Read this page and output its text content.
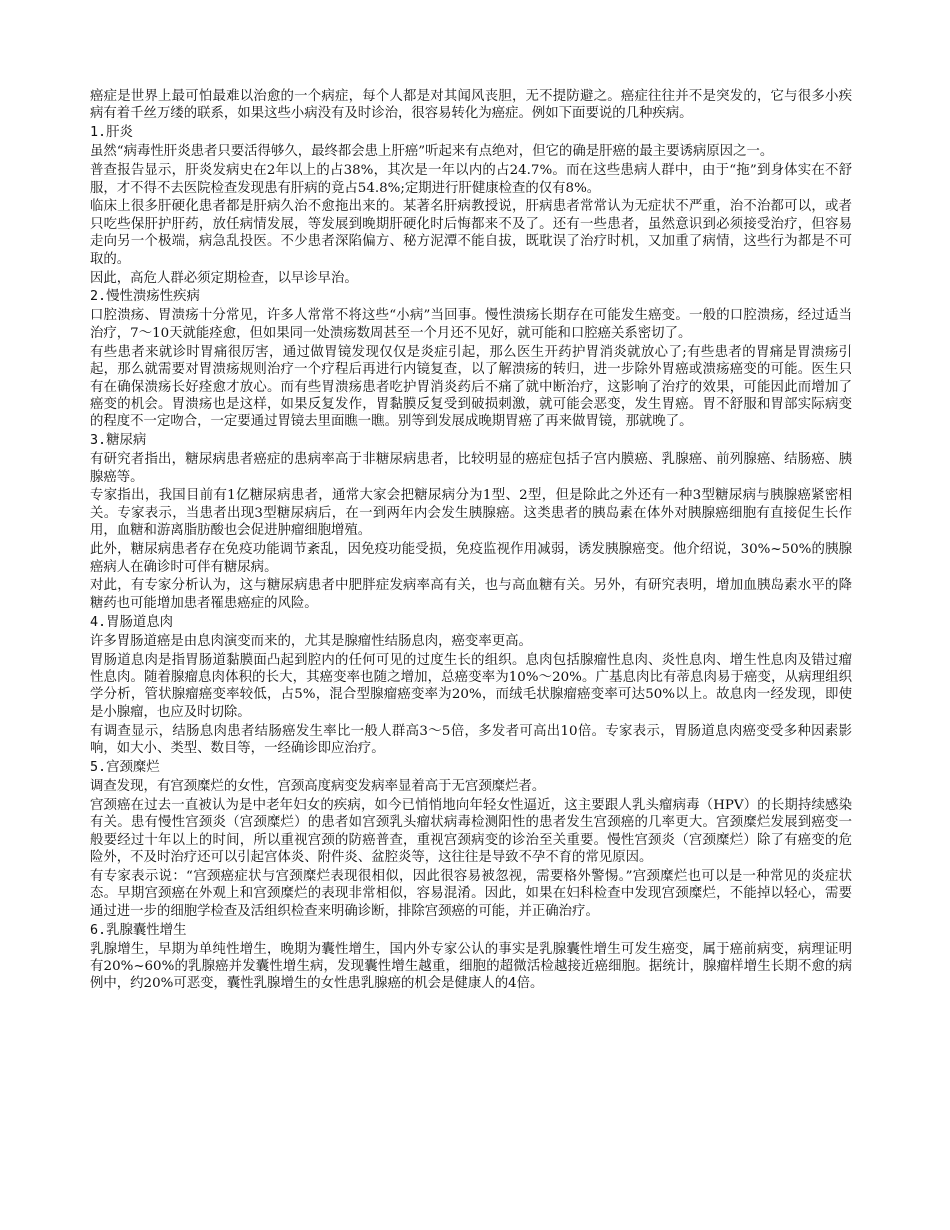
癌症是世界上最可怕最难以治愈的一个病症，每个人都是对其闻风丧胆，无不提防避之。癌症往往并不是突发的，它与很多小疾病有着千丝万缕的联系，如果这些小病没有及时诊治，很容易转化为癌症。例如下面要说的几种疾病。

1.肝炎

虽然“病毒性肝炎患者只要活得够久，最终都会患上肝癌”听起来有点绝对，但它的确是肝癌的最主要诱病原因之一。

普查报告显示，肝炎发病史在2年以上的占38%，其次是一年以内的占24.7%。而在这些患病人群中，由于“拖”到身体实在不舒服，才不得不去医院检查发现患有肝病的竟占54.8%;定期进行肝健康检查的仅有8%。

临床上很多肝硬化患者都是肝病久治不愈拖出来的。某著名肝病教授说，肝病患者常常认为无症状不严重，治不治都可以，或者只吃些保肝护肝药，放任病情发展，等发展到晚期肝硬化时后悔都来不及了。还有一些患者，虽然意识到必须接受治疗，但容易走向另一个极端，病急乱投医。不少患者深陷偏方、秘方泥潭不能自拔，既耽误了治疗时机，又加重了病情，这些行为都是不可取的。

因此，高危人群必须定期检查，以早诊早治。

2.慢性溃疡性疾病

口腔溃疡、胃溃疡十分常见，许多人常常不将这些“小病”当回事。慢性溃疡长期存在可能发生癌变。一般的口腔溃疡，经过适当治疗，7～10天就能痊愈，但如果同一处溃疡数周甚至一个月还不见好，就可能和口腔癌关系密切了。

有些患者来就诊时胃痛很厉害，通过做胃镜发现仅仅是炎症引起，那么医生开药护胃消炎就放心了;有些患者的胃痛是胃溃疡引起，那么就需要对胃溃疡规则治疗一个疗程后再进行内镜复查，以了解溃疡的转归，进一步除外胃癌或溃疡癌变的可能。医生只有在确保溃疡长好痊愈才放心。而有些胃溃疡患者吃护胃消炎药后不痛了就中断治疗，这影响了治疗的效果，可能因此而增加了癌变的机会。胃溃疡也是这样，如果反复发作，胃黏膜反复受到破损刺激，就可能会恶变，发生胃癌。胃不舒服和胃部实际病变的程度不一定吻合，一定要通过胃镜去里面瞧一瞧。别等到发展成晚期胃癌了再来做胃镜，那就晚了。

3.糖尿病

有研究者指出，糖尿病患者癌症的患病率高于非糖尿病患者，比较明显的癌症包括子宫内膜癌、乳腺癌、前列腺癌、结肠癌、胰腺癌等。

专家指出，我国目前有1亿糖尿病患者，通常大家会把糖尿病分为1型、2型，但是除此之外还有一种3型糖尿病与胰腺癌紧密相关。专家表示，当患者出现3型糖尿病后，在一到两年内会发生胰腺癌。这类患者的胰岛素在体外对胰腺癌细胞有直接促生长作用，血糖和游离脂肪酸也会促进肿瘤细胞增殖。

此外，糖尿病患者存在免疫功能调节紊乱，因免疫功能受损，免疫监视作用减弱，诱发胰腺癌变。他介绍说，30%~50%的胰腺癌病人在确诊时可伴有糖尿病。

对此，有专家分析认为，这与糖尿病患者中肥胖症发病率高有关，也与高血糖有关。另外，有研究表明，增加血胰岛素水平的降糖药也可能增加患者罹患癌症的风险。

4.胃肠道息肉

许多胃肠道癌是由息肉演变而来的，尤其是腺瘤性结肠息肉，癌变率更高。

胃肠道息肉是指胃肠道黏膜面凸起到腔内的任何可见的过度生长的组织。息肉包括腺瘤性息肉、炎性息肉、增生性息肉及错过瘤性息肉。随着腺瘤息肉体积的长大，其癌变率也随之增加，总癌变率为10%～20%。广基息肉比有蒂息肉易于癌变，从病理组织学分析，管状腺瘤癌变率较低，占5%，混合型腺瘤癌变率为20%，而绒毛状腺瘤癌变率可达50%以上。故息肉一经发现，即使是小腺瘤，也应及时切除。

有调查显示，结肠息肉患者结肠癌发生率比一般人群高3～5倍，多发者可高出10倍。专家表示，胃肠道息肉癌变受多种因素影响，如大小、类型、数目等，一经确诊即应治疗。

5.宫颈糜烂

调查发现，有宫颈糜烂的女性，宫颈高度病变发病率显着高于无宫颈糜烂者。

宫颈癌在过去一直被认为是中老年妇女的疾病，如今已悄悄地向年轻女性逼近，这主要跟人乳头瘤病毒（HPV）的长期持续感染有关。患有慢性宫颈炎（宫颈糜烂）的患者如宫颈乳头瘤状病毒检测阳性的患者发生宫颈癌的几率更大。宫颈糜烂发展到癌变一般要经过十年以上的时间，所以重视宫颈的防癌普查，重视宫颈病变的诊治至关重要。慢性宫颈炎（宫颈糜烂）除了有癌变的危险外，不及时治疗还可以引起宫体炎、附件炎、盆腔炎等，这往往是导致不孕不育的常见原因。

有专家表示说：“宫颈癌症状与宫颈糜烂表现很相似，因此很容易被忽视，需要格外警惕。”宫颈糜烂也可以是一种常见的炎症状态。早期宫颈癌在外观上和宫颈糜烂的表现非常相似，容易混淆。因此，如果在妇科检查中发现宫颈糜烂，不能掉以轻心，需要通过进一步的细胞学检查及活组织检查来明确诊断，排除宫颈癌的可能，并正确治疗。

6.乳腺囊性增生

乳腺增生，早期为单纯性增生，晚期为囊性增生，国内外专家公认的事实是乳腺囊性增生可发生癌变，属于癌前病变，病理证明有20%~60%的乳腺癌并发囊性增生病，发现囊性增生越重，细胞的超微活检越接近癌细胞。据统计，腺瘤样增生长期不愈的病例中，约20%可恶变，囊性乳腺增生的女性患乳腺癌的机会是健康人的4倍。
